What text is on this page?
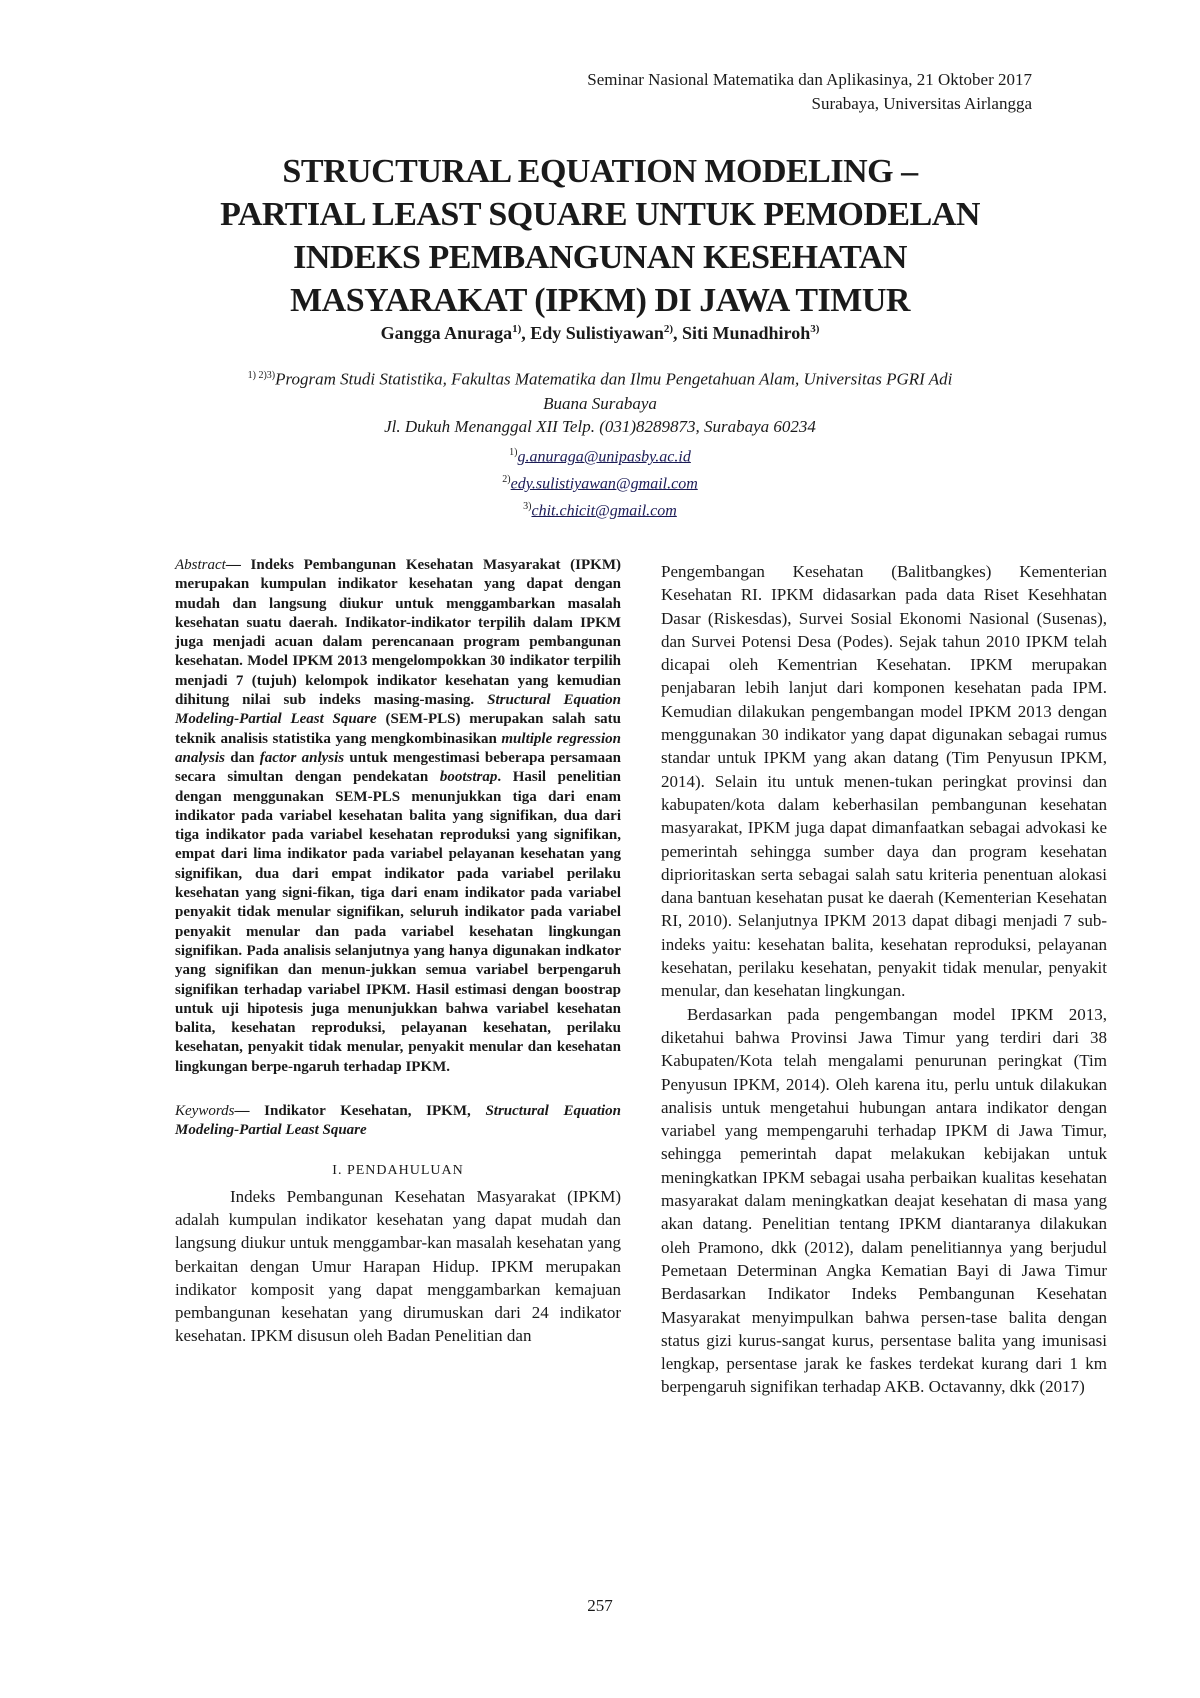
Seminar Nasional Matematika dan Aplikasinya, 21 Oktober 2017
Surabaya, Universitas Airlangga
STRUCTURAL EQUATION MODELING –
PARTIAL LEAST SQUARE UNTUK PEMODELAN
INDEKS PEMBANGUNAN KESEHATAN
MASYARAKAT (IPKM) DI JAWA TIMUR
Gangga Anuraga$^{1)}$, Edy Sulistiyawan$^{2)}$, Siti Munadhiroh$^{3)}$
$^{1) 2)3)}$Program Studi Statistika, Fakultas Matematika dan Ilmu Pengetahuan Alam, Universitas PGRI Adi
Buana Surabaya
Jl. Dukuh Menanggal XII Telp. (031)8289873, Surabaya 60234
$^{1)}$g.anuraga@unipasby.ac.id
$^{2)}$edy.sulistiyawan@gmail.com
$^{3)}$chit.chicit@gmail.com
Abstract— Indeks Pembangunan Kesehatan Masyarakat (IPKM) merupakan kumpulan indikator kesehatan yang dapat dengan mudah dan langsung diukur untuk menggambarkan masalah kesehatan suatu daerah. Indikator-indikator terpilih dalam IPKM juga menjadi acuan dalam perencanaan program pembangunan kesehatan. Model IPKM 2013 mengelompokkan 30 indikator terpilih menjadi 7 (tujuh) kelompok indikator kesehatan yang kemudian dihitung nilai sub indeks masing-masing. Structural Equation Modeling-Partial Least Square (SEM-PLS) merupakan salah satu teknik analisis statistika yang mengkombinasikan multiple regression analysis dan factor anlysis untuk mengestimasi beberapa persamaan secara simultan dengan pendekatan bootstrap. Hasil penelitian dengan menggunakan SEM-PLS menunjukkan tiga dari enam indikator pada variabel kesehatan balita yang signifikan, dua dari tiga indikator pada variabel kesehatan reproduksi yang signifikan, empat dari lima indikator pada variabel pelayanan kesehatan yang signifikan, dua dari empat indikator pada variabel perilaku kesehatan yang signi-fikan, tiga dari enam indikator pada variabel penyakit tidak menular signifikan, seluruh indikator pada variabel penyakit menular dan pada variabel kesehatan lingkungan signifikan. Pada analisis selanjutnya yang hanya digunakan indkator yang signifikan dan menun-jukkan semua variabel berpengaruh signifikan terhadap variabel IPKM. Hasil estimasi dengan boostrap untuk uji hipotesis juga menunjukkan bahwa variabel kesehatan balita, kesehatan reproduksi, pelayanan kesehatan, perilaku kesehatan, penyakit tidak menular, penyakit menular dan kesehatan lingkungan berpe-ngaruh terhadap IPKM.
Keywords— Indikator Kesehatan, IPKM, Structural Equation Modeling-Partial Least Square
I. PENDAHULUAN

Indeks Pembangunan Kesehatan Masyarakat (IPKM) adalah kumpulan indikator kesehatan yang dapat mudah dan langsung diukur untuk menggambar-kan masalah kesehatan yang berkaitan dengan Umur Harapan Hidup. IPKM merupakan indikator komposit yang dapat menggambarkan kemajuan pembangunan kesehatan yang dirumuskan dari 24 indikator kesehatan. IPKM disusun oleh Badan Penelitian dan

Pengembangan Kesehatan (Balitbangkes) Kementerian Kesehatan RI. IPKM didasarkan pada data Riset Kesehhatan Dasar (Riskesdas), Survei Sosial Ekonomi Nasional (Susenas), dan Survei Potensi Desa (Podes). Sejak tahun 2010 IPKM telah dicapai oleh Kementrian Kesehatan. IPKM merupakan penjabaran lebih lanjut dari komponen kesehatan pada IPM. Kemudian dilakukan pengembangan model IPKM 2013 dengan menggunakan 30 indikator yang dapat digunakan sebagai rumus standar untuk IPKM yang akan datang (Tim Penyusun IPKM, 2014). Selain itu untuk menen-tukan peringkat provinsi dan kabupaten/kota dalam keberhasilan pembangunan kesehatan masyarakat, IPKM juga dapat dimanfaatkan sebagai advokasi ke pemerintah sehingga sumber daya dan program kesehatan diprioritaskan serta sebagai salah satu kriteria penentuan alokasi dana bantuan kesehatan pusat ke daerah (Kementerian Kesehatan RI, 2010). Selanjutnya IPKM 2013 dapat dibagi menjadi 7 sub-indeks yaitu: kesehatan balita, kesehatan reproduksi, pelayanan kesehatan, perilaku kesehatan, penyakit tidak menular, penyakit menular, dan kesehatan lingkungan.

Berdasarkan pada pengembangan model IPKM 2013, diketahui bahwa Provinsi Jawa Timur yang terdiri dari 38 Kabupaten/Kota telah mengalami penurunan peringkat (Tim Penyusun IPKM, 2014). Oleh karena itu, perlu untuk dilakukan analisis untuk mengetahui hubungan antara indikator dengan variabel yang mempengaruhi terhadap IPKM di Jawa Timur, sehingga pemerintah dapat melakukan kebijakan untuk meningkatkan IPKM sebagai usaha perbaikan kualitas kesehatan masyarakat dalam meningkatkan deajat kesehatan di masa yang akan datang. Penelitian tentang IPKM diantaranya dilakukan oleh Pramono, dkk (2012), dalam penelitiannya yang berjudul Pemetaan Determinan Angka Kematian Bayi di Jawa Timur Berdasarkan Indikator Indeks Pembangunan Kesehatan Masyarakat menyimpulkan bahwa persen-tase balita dengan status gizi kurus-sangat kurus, persentase balita yang imunisasi lengkap, persentase jarak ke faskes terdekat kurang dari 1 km berpengaruh signifikan terhadap AKB. Octavanny, dkk (2017)

257
